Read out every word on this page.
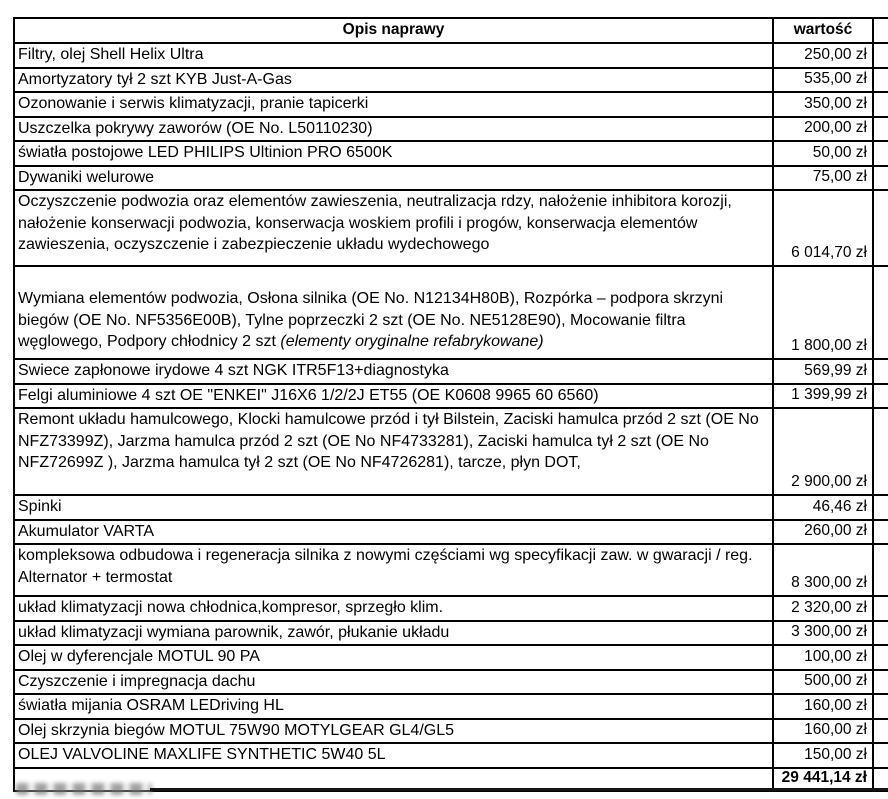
Opis naprawy	wartość	
Filtry, olej Shell Helix Ultra	250,00 zł	
Amortyzatory tył 2 szt KYB Just-A-Gas	535,00 zł	
Ozonowanie i serwis klimatyzacji, pranie tapicerki	350,00 zł	
Uszczelka pokrywy zaworów (OE No. L50110230)	200,00 zł	
światła postojowe LED PHILIPS Ultinion PRO 6500K	50,00 zł	
Dywaniki welurowe	75,00 zł	
Oczyszczenie podwozia oraz elementów zawieszenia, neutralizacja rdzy, nałożenie inhibitora korozji, nałożenie konserwacji podwozia, konserwacja woskiem profili i progów, konserwacja elementów zawieszenia, oczyszczenie i zabezpieczenie układu wydechowego	6 014,70 zł	
Wymiana elementów podwozia, Osłona silnika (OE No. N12134H80B), Rozpórka – podpora skrzyni biegów (OE No. NF5356E00B), Tylne poprzeczki 2 szt (OE No. NE5128E90), Mocowanie filtra węglowego, Podpory chłodnicy 2 szt (elementy oryginalne refabrykowane)	1 800,00 zł	
Swiece zapłonowe irydowe 4 szt NGK ITR5F13+diagnostyka	569,99 zł	
Felgi aluminiowe 4 szt OE "ENKEI" J16X6 1/2/2J ET55 (OE K0608 9965 60 6560)	1 399,99 zł	
Remont układu hamulcowego, Klocki hamulcowe przód i tył Bilstein, Zaciski hamulca przód 2 szt (OE No NFZ73399Z), Jarzma hamulca przód 2 szt (OE No NF4733281), Zaciski hamulca tył 2 szt (OE No NFZ72699Z ), Jarzma hamulca tył 2 szt (OE No NF4726281), tarcze, płyn DOT,	2 900,00 zł	
Spinki	46,46 zł	
Akumulator VARTA	260,00 zł	
kompleksowa odbudowa i regeneracja silnika z nowymi częściami wg specyfikacji zaw. w gwaracji / reg. Alternator + termostat	8 300,00 zł	
układ klimatyzacji nowa chłodnica,kompresor, sprzegło klim.	2 320,00 zł	
układ klimatyzacji wymiana parownik, zawór, płukanie układu	3 300,00 zł	
Olej w dyferencjale MOTUL 90 PA	100,00 zł	
Czyszczenie i impregnacja dachu	500,00 zł	
światła mijania OSRAM LEDriving HL	160,00 zł	
Olej skrzynia biegów MOTUL 75W90 MOTYLGEAR GL4/GL5	160,00 zł	
OLEJ VALVOLINE MAXLIFE SYNTHETIC 5W40 5L	150,00 zł	
	29 441,14 zł	
